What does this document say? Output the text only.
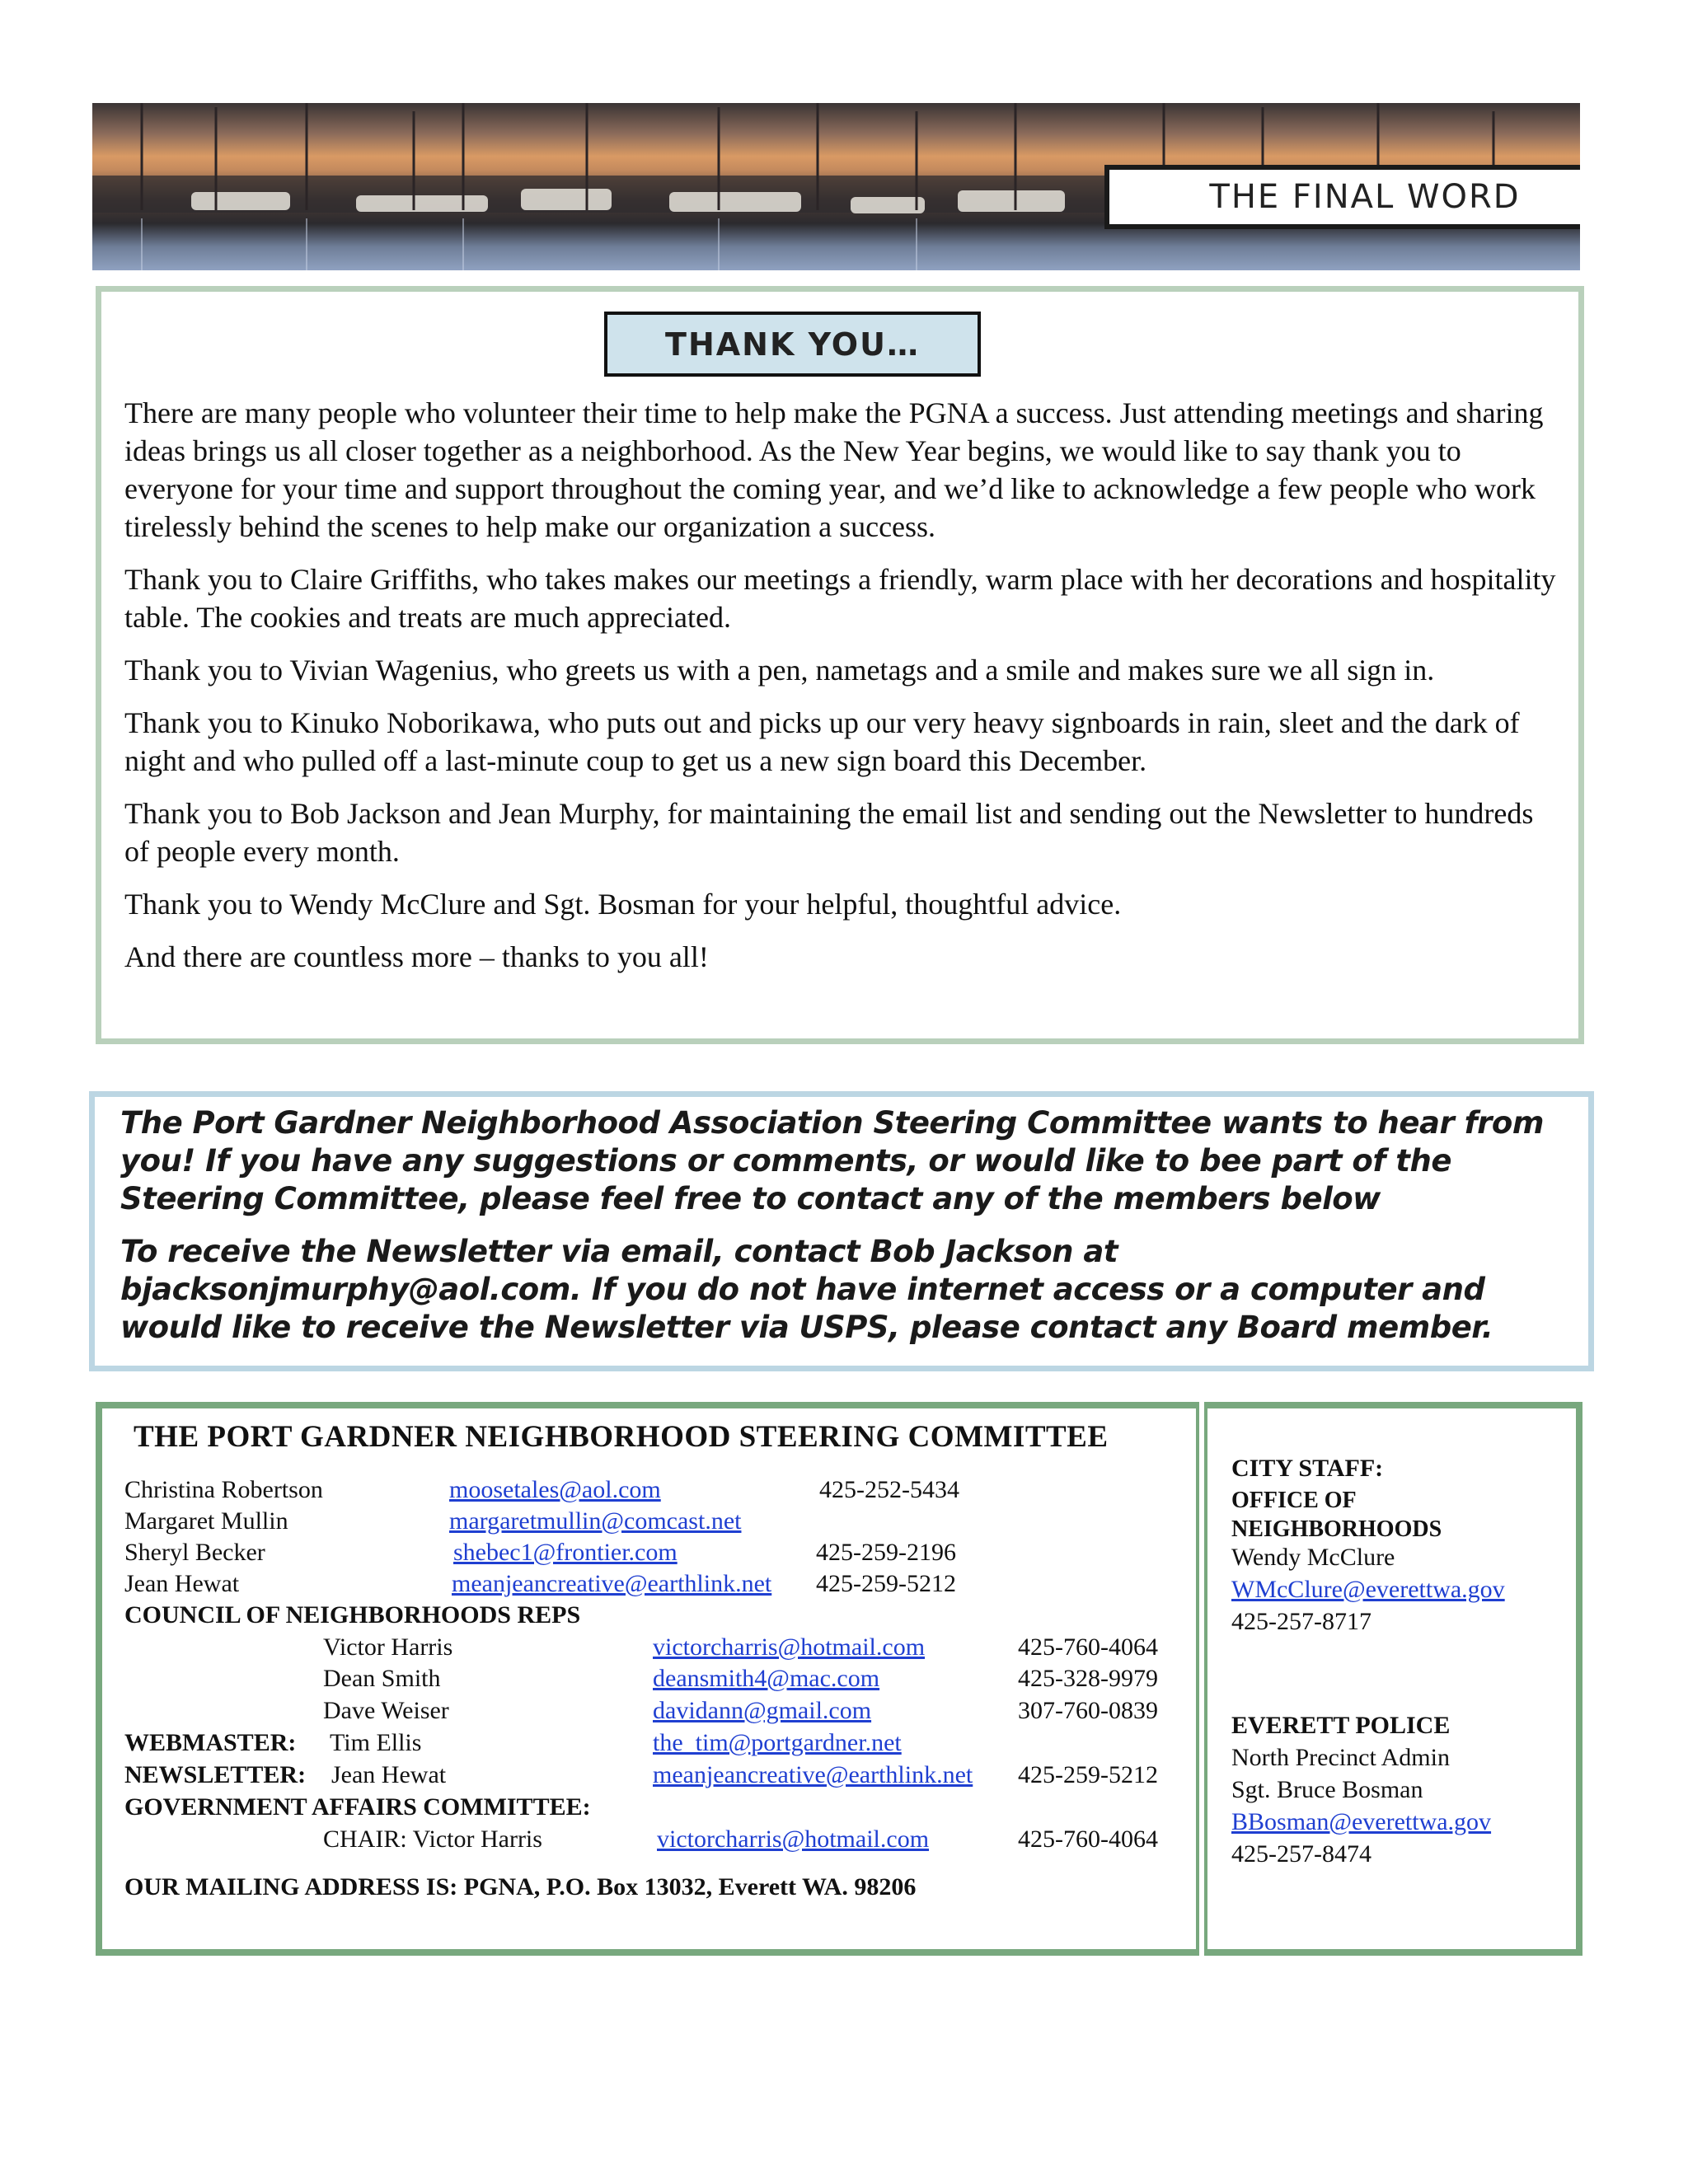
THE FINAL WORD
THANK YOU…

There are many people who volunteer their time to help make the PGNA a success. Just attending meetings and sharing ideas brings us all closer together as a neighborhood. As the New Year begins, we would like to say thank you to everyone for your time and support throughout the coming year, and we’d like to acknowledge a few people who work tirelessly behind the scenes to help make our organization a success.

Thank you to Claire Griffiths, who takes makes our meetings a friendly, warm place with her decorations and hospitality table. The cookies and treats are much appreciated.

Thank you to Vivian Wagenius, who greets us with a pen, nametags and a smile and makes sure we all sign in.

Thank you to Kinuko Noborikawa, who puts out and picks up our very heavy signboards in rain, sleet and the dark of night and who pulled off a last-minute coup to get us a new sign board this December.

Thank you to Bob Jackson and Jean Murphy, for maintaining the email list and sending out the Newsletter to hundreds of people every month.

Thank you to Wendy McClure and Sgt. Bosman for your helpful, thoughtful advice.

And there are countless more – thanks to you all!

The Port Gardner Neighborhood Association Steering Committee wants to hear from you! If you have any suggestions or comments, or would like to bee part of the Steering Committee, please feel free to contact any of the members below

To receive the Newsletter via email, contact Bob Jackson at bjacksonjmurphy@aol.com. If you do not have internet access or a computer and would like to receive the Newsletter via USPS, please contact any Board member.

THE PORT GARDNER NEIGHBORHOOD STEERING COMMITTEE
Christina Robertson	moosetales@aol.com	425-252-5434
Margaret Mullin	margaretmullin@comcast.net
Sheryl Becker	shebec1@frontier.com	425-259-2196
Jean Hewat	meanjeancreative@earthlink.net 425-259-5212
COUNCIL OF NEIGHBORHOODS REPS
Victor Harris	victorcharris@hotmail.com	425-760-4064
Dean Smith	deansmith4@mac.com	425-328-9979
Dave Weiser	davidann@gmail.com	307-760-0839
WEBMASTER: Tim Ellis	the_tim@portgardner.net
NEWSLETTER: Jean Hewat	meanjeancreative@earthlink.net 425-259-5212
GOVERNMENT AFFAIRS COMMITTEE:
CHAIR: Victor Harris	victorcharris@hotmail.com	425-760-4064
OUR MAILING ADDRESS IS: PGNA, P.O. Box 13032, Everett WA. 98206
CITY STAFF:
OFFICE OF
NEIGHBORHOODS
Wendy McClure
WMcClure@everettwa.gov
425-257-8717
EVERETT POLICE
North Precinct Admin
Sgt. Bruce Bosman
BBosman@everettwa.gov
425-257-8474
